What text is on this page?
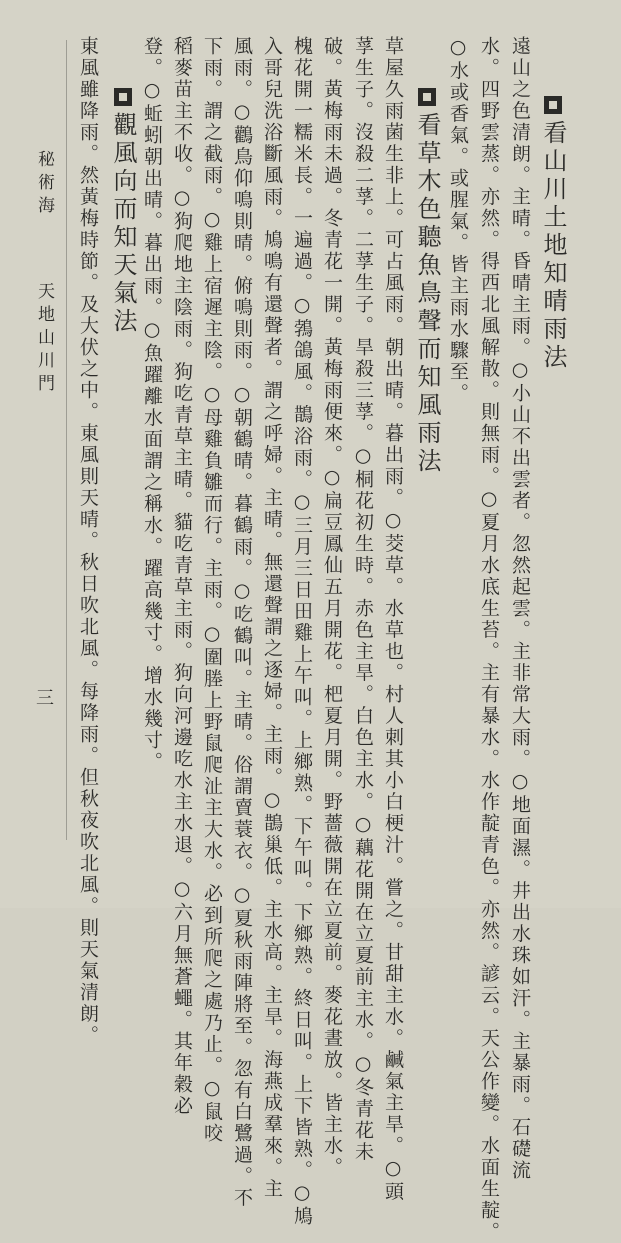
看山川土地知晴雨法
遠山之色清朗。主晴。昏晴主雨。○小山不出雲者。忽然起雲。主非常大雨。○地面濕。井出水珠如汗。主暴雨。石礎流
水。四野雲蒸。亦然。得西北風解散。則無雨。○夏月水底生苔。主有暴水。水作靛青色。亦然。諺云。天公作變。水面生靛。
○水或香氣。或腥氣。皆主雨水驟至。
看草木色聽魚鳥聲而知風雨法
草屋久雨菌生非上。可占風雨。朝出晴。暮出雨。○茭草。水草也。村人刺其小白梗汁。嘗之。甘甜主水。鹹氣主旱。○頭
莩生子。沒殺二莩。二莩生子。旱殺三莩。○桐花初生時。赤色主旱。白色主水。○藕花開在立夏前主水。○冬青花未
破。黃梅雨未過。冬青花一開。黃梅雨便來。○扁豆鳳仙五月開花。杷夏月開。野薔薇開在立夏前。麥花晝放。皆主水。
槐花開一糯米長。一遍過。○鵓鴿風。鵲浴雨。○三月三日田雞上午叫。上鄉熟。下午叫。下鄉熟。終日叫。上下皆熟。○鳩
入哥兒洗浴斷風雨。鳩鳴有還聲者。謂之呼婦。主晴。無還聲謂之逐婦。主雨。○鵲巢低。主水高。主旱。海燕成羣來。主
風雨。○鸛鳥仰鳴則晴。俯鳴則雨。○朝鶴晴。暮鶴雨。○吃鶴叫。主晴。俗謂賣蓑衣。○夏秋雨陣將至。忽有白鷺過。不
下雨。謂之截雨。○雞上宿遲主陰。○母雞負雛而行。主雨。○圍塍上野鼠爬沚主大水。必到所爬之處乃止。○鼠咬
稻麥苗主不收。○狗爬地主陰雨。狗吃青草主晴。貓吃青草主雨。狗向河邊吃水主水退。○六月無蒼蠅。其年穀必
登。○蚯蚓朝出晴。暮出雨。○魚躍離水面謂之稱水。躍高幾寸。增水幾寸。
觀風向而知天氣法
東風雖降雨。然黃梅時節。及大伏之中。東風則天晴。秋日吹北風。每降雨。但秋夜吹北風。則天氣清朗。
秘術海
天地山川門
三
